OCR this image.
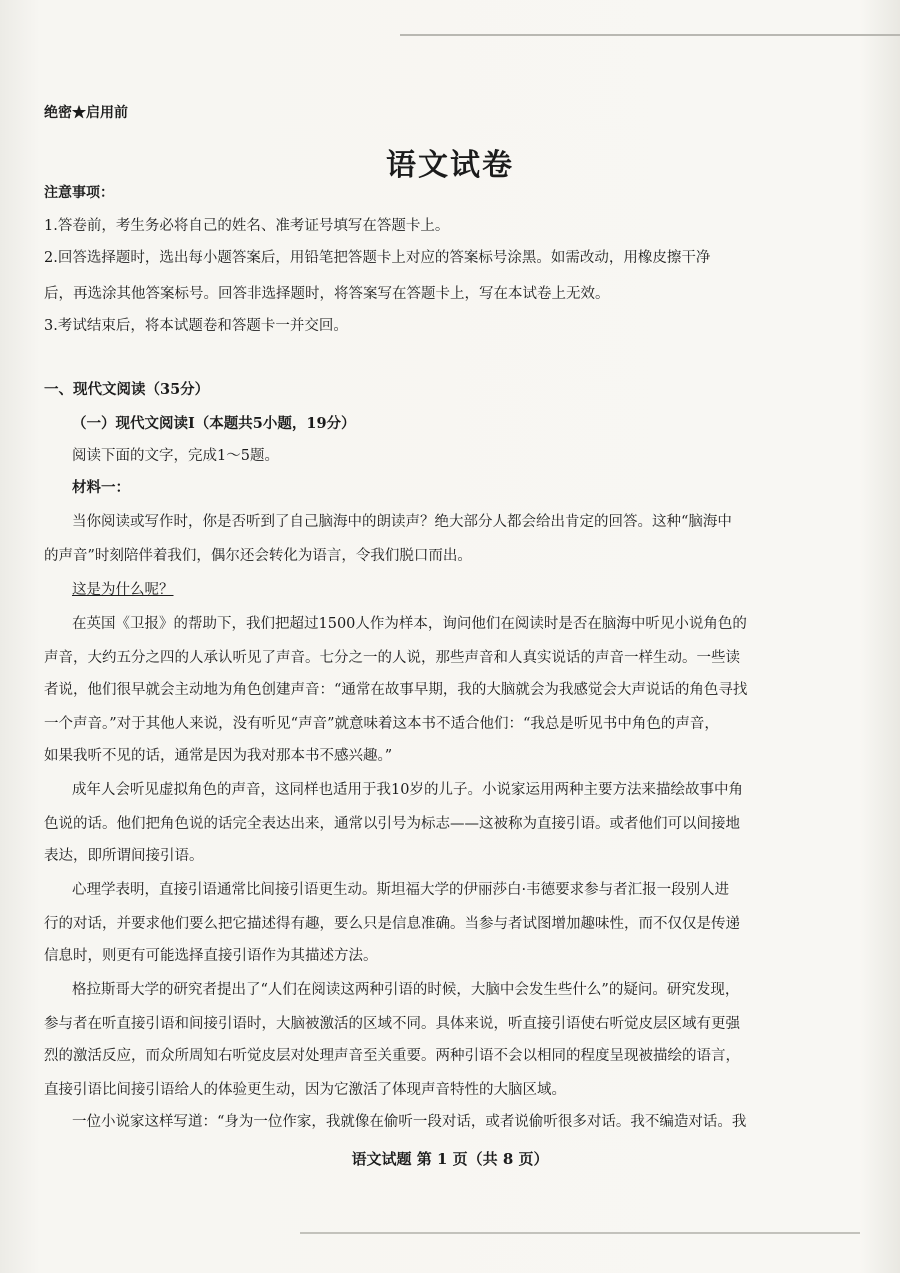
绝密★启用前
语文试卷
注意事项：
1.答卷前，考生务必将自己的姓名、准考证号填写在答题卡上。
2.回答选择题时，选出每小题答案后，用铅笔把答题卡上对应的答案标号涂黑。如需改动，用橡皮擦干净
后，再选涂其他答案标号。回答非选择题时，将答案写在答题卡上，写在本试卷上无效。
3.考试结束后，将本试题卷和答题卡一并交回。
一、现代文阅读（35分）
（一）现代文阅读Ⅰ（本题共5小题，19分）
阅读下面的文字，完成1～5题。
材料一：
当你阅读或写作时，你是否听到了自己脑海中的朗读声？绝大部分人都会给出肯定的回答。这种“脑海中
的声音”时刻陪伴着我们，偶尔还会转化为语言，令我们脱口而出。
这是为什么呢？
在英国《卫报》的帮助下，我们把超过1500人作为样本，询问他们在阅读时是否在脑海中听见小说角色的
声音，大约五分之四的人承认听见了声音。七分之一的人说，那些声音和人真实说话的声音一样生动。一些读
者说，他们很早就会主动地为角色创建声音：“通常在故事早期，我的大脑就会为我感觉会大声说话的角色寻找
一个声音。”对于其他人来说，没有听见“声音”就意味着这本书不适合他们：“我总是听见书中角色的声音，
如果我听不见的话，通常是因为我对那本书不感兴趣。”
成年人会听见虚拟角色的声音，这同样也适用于我10岁的儿子。小说家运用两种主要方法来描绘故事中角
色说的话。他们把角色说的话完全表达出来，通常以引号为标志——这被称为直接引语。或者他们可以间接地
表达，即所谓间接引语。
心理学表明，直接引语通常比间接引语更生动。斯坦福大学的伊丽莎白·韦德要求参与者汇报一段别人进
行的对话，并要求他们要么把它描述得有趣，要么只是信息准确。当参与者试图增加趣味性，而不仅仅是传递
信息时，则更有可能选择直接引语作为其描述方法。
格拉斯哥大学的研究者提出了“人们在阅读这两种引语的时候，大脑中会发生些什么”的疑问。研究发现，
参与者在听直接引语和间接引语时，大脑被激活的区域不同。具体来说，听直接引语使右听觉皮层区域有更强
烈的激活反应，而众所周知右听觉皮层对处理声音至关重要。两种引语不会以相同的程度呈现被描绘的语言，
直接引语比间接引语给人的体验更生动，因为它激活了体现声音特性的大脑区域。
一位小说家这样写道：“身为一位作家，我就像在偷听一段对话，或者说偷听很多对话。我不编造对话。我
语文试题 第 1 页（共 8 页）
